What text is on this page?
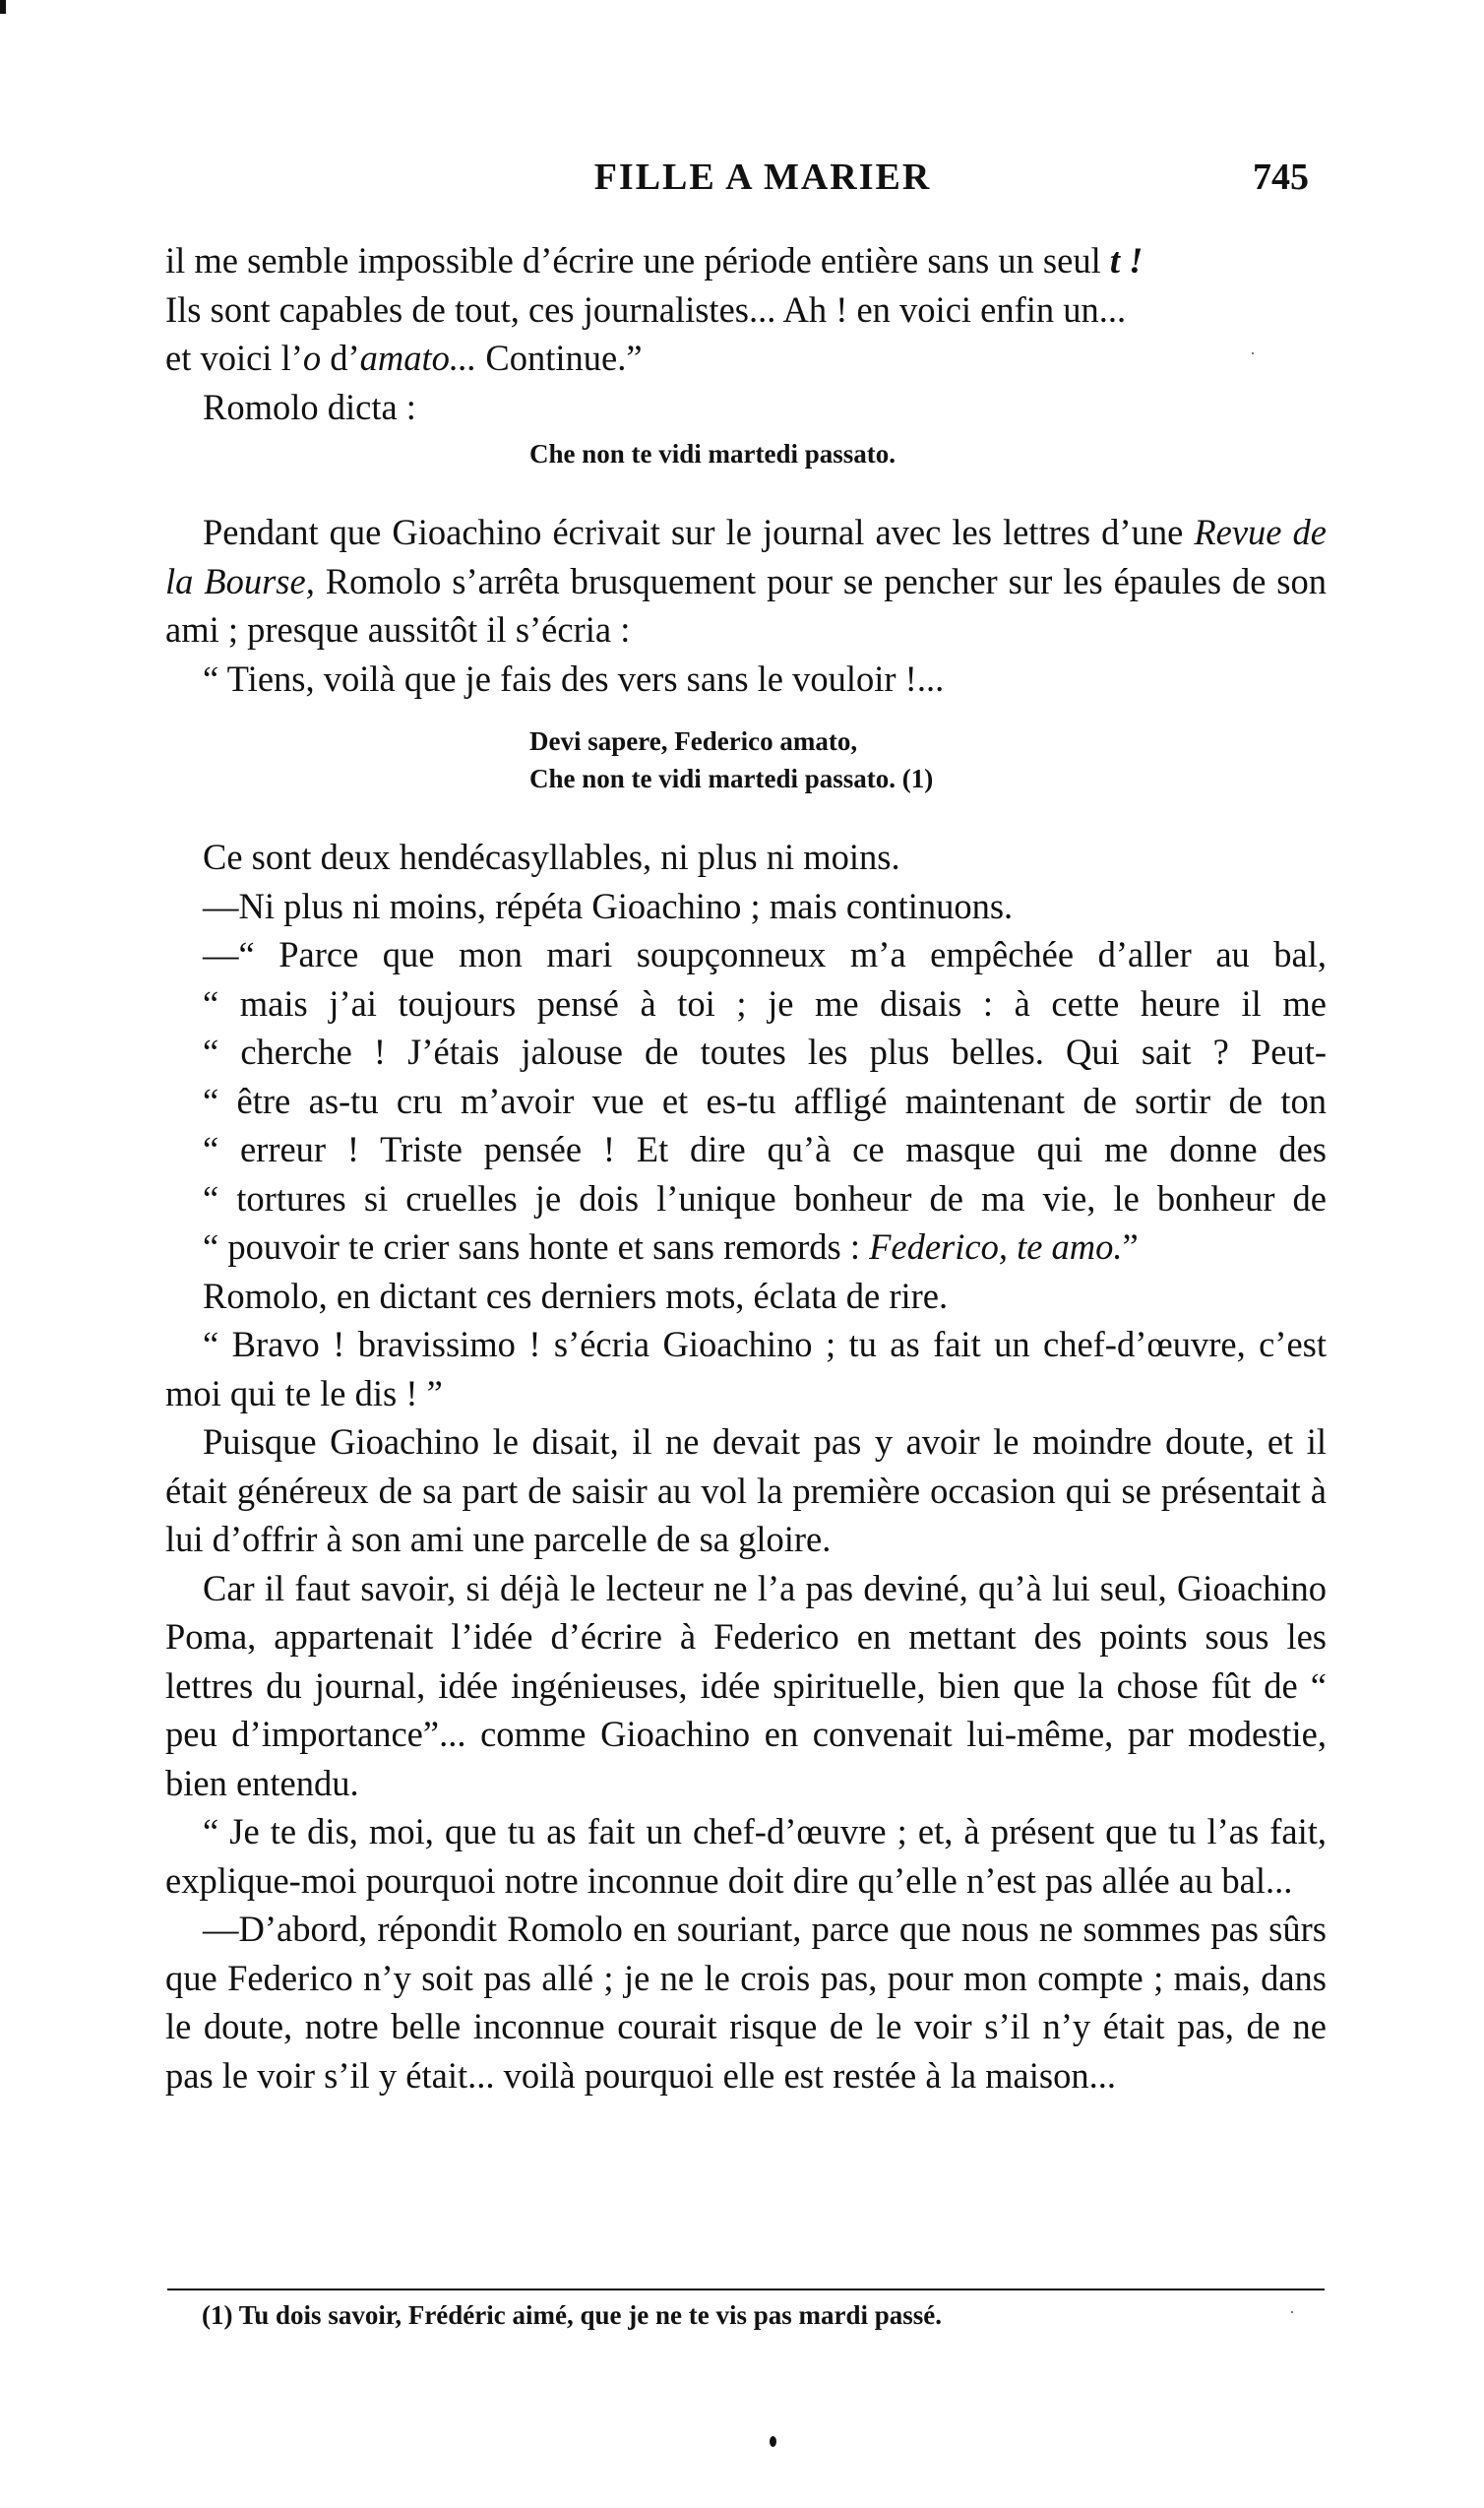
FILLE A MARIER	745

il me semble impossible d’écrire une période entière sans un seul t !
Ils sont capables de tout, ces journalistes... Ah ! en voici enfin un...
et voici l’o d’amato... Continue.”

Romolo dicta :

Che non te vidi martedi passato.

Pendant que Gioachino écrivait sur le journal avec les lettres d’une Revue de la Bourse, Romolo s’arrêta brusquement pour se pencher sur les épaules de son ami ; presque aussitôt il s’écria :

“ Tiens, voilà que je fais des vers sans le vouloir !...

Devi sapere, Federico amato,

Che non te vidi martedi passato. (1)

Ce sont deux hendécasyllables, ni plus ni moins.

—Ni plus ni moins, répéta Gioachino ; mais continuons.

—“ Parce que mon mari soupçonneux m’a empêchée d’aller au bal,

“ mais j’ai toujours pensé à toi ; je me disais : à cette heure il me

“ cherche ! J’étais jalouse de toutes les plus belles. Qui sait ? Peut-

“ être as-tu cru m’avoir vue et es-tu affligé maintenant de sortir de ton

“ erreur ! Triste pensée ! Et dire qu’à ce masque qui me donne des

“ tortures si cruelles je dois l’unique bonheur de ma vie, le bonheur de

“ pouvoir te crier sans honte et sans remords : Federico, te amo.”

Romolo, en dictant ces derniers mots, éclata de rire.

“ Bravo ! bravissimo ! s’écria Gioachino ; tu as fait un chef-d’œuvre, c’est moi qui te le dis ! ”

Puisque Gioachino le disait, il ne devait pas y avoir le moindre doute, et il était généreux de sa part de saisir au vol la première occasion qui se présentait à lui d’offrir à son ami une parcelle de sa gloire.

Car il faut savoir, si déjà le lecteur ne l’a pas deviné, qu’à lui seul, Gioachino Poma, appartenait l’idée d’écrire à Federico en mettant des points sous les lettres du journal, idée ingénieuses, idée spirituelle, bien que la chose fût de “ peu d’importance”... comme Gioachino en convenait lui-même, par modestie, bien entendu.

“ Je te dis, moi, que tu as fait un chef-d’œuvre ; et, à présent que tu l’as fait, explique-moi pourquoi notre inconnue doit dire qu’elle n’est pas allée au bal...

—D’abord, répondit Romolo en souriant, parce que nous ne sommes pas sûrs que Federico n’y soit pas allé ; je ne le crois pas, pour mon compte ; mais, dans le doute, notre belle inconnue courait risque de le voir s’il n’y était pas, de ne pas le voir s’il y était... voilà pourquoi elle est restée à la maison...

(1) Tu dois savoir, Frédéric aimé, que je ne te vis pas mardi passé.
